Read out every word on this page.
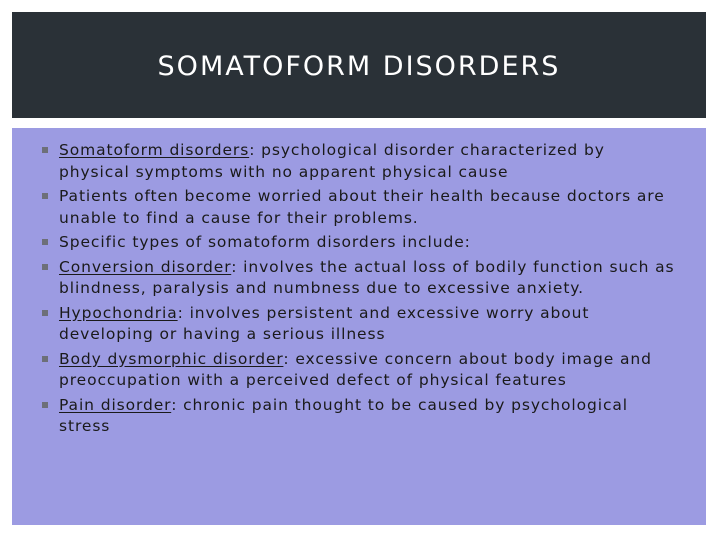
SOMATOFORM DISORDERS
Somatoform disorders: psychological disorder characterized by physical symptoms with no apparent physical cause
Patients often become worried about their health because doctors are unable to find a cause for their problems.
Specific types of somatoform disorders include:
Conversion disorder: involves the actual loss of bodily function such as blindness, paralysis and numbness due to excessive anxiety.
Hypochondria: involves persistent and excessive worry about developing or having a serious illness
Body dysmorphic disorder: excessive concern about body image and preoccupation with a perceived defect of physical features
Pain disorder: chronic pain thought to be caused by psychological stress
